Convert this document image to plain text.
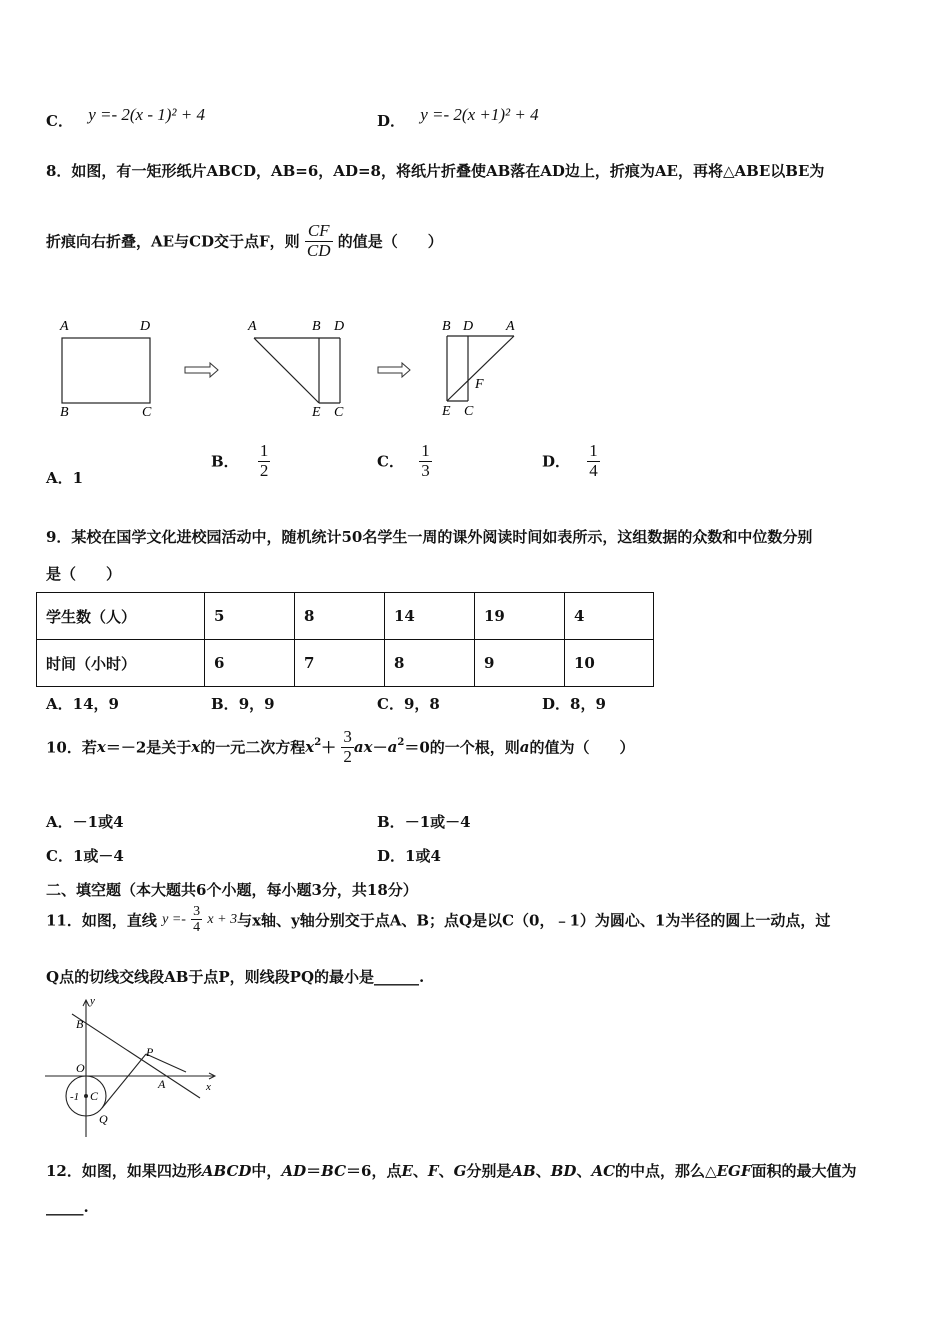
C． y =- 2(x - 1)² + 4	D． y =- 2(x +1)² + 4
8．如图，有一矩形纸片ABCD，AB=6，AD=8，将纸片折叠使AB落在AD边上，折痕为AE，再将△ABE以BE为
折痕向右折叠，AE与CD交于点F，则 $\frac{CF}{CD}$ 的值是（　　）
A	D
B	C
A	B D
E C
B D A
F
E C
A．1
B． $\frac{1}{2}$	C． $\frac{1}{3}$	D． $\frac{1}{4}$
9．某校在国学文化进校园活动中，随机统计50名学生一周的课外阅读时间如表所示，这组数据的众数和中位数分别
是（　　）
学生数（人）	5	8	14	19	4
时间（小时）	6	7	8	9	10
A．14，9	B．9，9	C．9，8	D．8，9
10．若x＝－2是关于x的一元二次方程$x^2+ \frac{3}{2} ax-a^2=0$的一个根，则a的值为（　　）
A．－1或4	B．－1或－4
C．1或－4	D．1或4
二、填空题（本大题共6个小题，每小题3分，共18分）
11．如图，直线 $y =- \frac{3}{4}$ x + 3与x轴、y轴分别交于点A、B；点Q是以C（0，﹣1）为圆心、1为半径的圆上一动点，过
Q点的切线交线段AB于点P，则线段PQ的最小是______.
y
B
P
O
A	x
-1 C
Q
12．如图，如果四边形ABCD中，AD＝BC＝6，点E、F、G分别是AB、BD、AC的中点，那么△EGF面积的最大值为
_____.
